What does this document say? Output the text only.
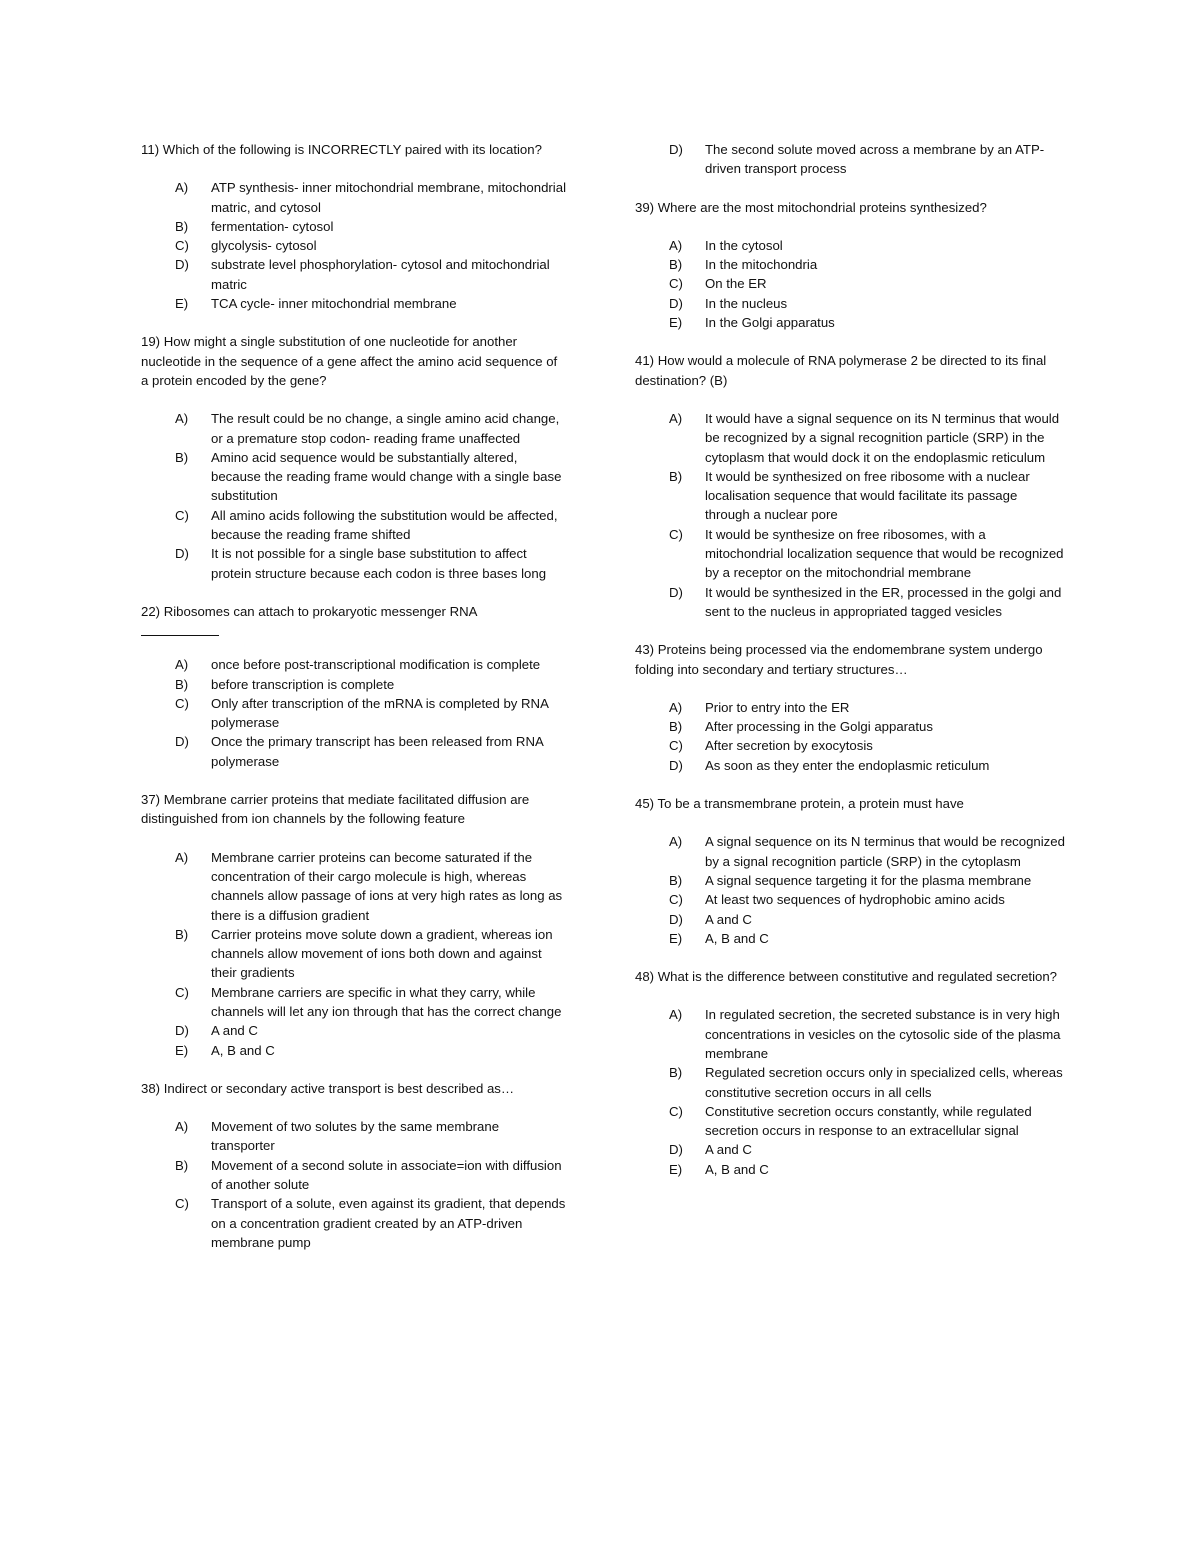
11) Which of the following is INCORRECTLY paired with its location?
A)	ATP synthesis- inner mitochondrial membrane, mitochondrial matric, and cytosol
B)	fermentation- cytosol
C)	glycolysis- cytosol
D)	substrate level phosphorylation- cytosol and mitochondrial matric
E)	TCA cycle- inner mitochondrial membrane
19) How might a single substitution of one nucleotide for another nucleotide in the sequence of a gene affect the amino acid sequence of a protein encoded by the gene?
A)	The result could be no change, a single amino acid change, or a premature stop codon- reading frame unaffected
B)	Amino acid sequence would be substantially altered, because the reading frame would change with a single base substitution
C)	All amino acids following the substitution would be affected, because the reading frame shifted
D)	It is not possible for a single base substitution to affect protein structure because each codon is three bases long
22) Ribosomes can attach to prokaryotic messenger RNA
A)	once before post-transcriptional modification is complete
B)	before transcription is complete
C)	Only after transcription of the mRNA is completed by RNA polymerase
D)	Once the primary transcript has been released from RNA polymerase
37) Membrane carrier proteins that mediate facilitated diffusion are distinguished from ion channels by the following feature
A)	Membrane carrier proteins can become saturated if the concentration of their cargo molecule is high, whereas channels allow passage of ions at very high rates as long as there is a diffusion gradient
B)	Carrier proteins move solute down a gradient, whereas ion channels allow movement of ions both down and against their gradients
C)	Membrane carriers are specific in what they carry, while channels will let any ion through that has the correct change
D)	A and C
E)	A, B and C
38) Indirect or secondary active transport is best described as…
A)	Movement of two solutes by the same membrane transporter
B)	Movement of a second solute in associate=ion with diffusion of another solute
C)	Transport of a solute, even against its gradient, that depends on a concentration gradient created by an ATP-driven membrane pump
D)	The second solute moved across a membrane by an ATP-driven transport process
39) Where are the most mitochondrial proteins synthesized?
A)	In the cytosol
B)	In the mitochondria
C)	On the ER
D)	In the nucleus
E)	In the Golgi apparatus
41) How would a molecule of RNA polymerase 2 be directed to its final destination? (B)
A)	It would have a signal sequence on its N terminus that would be recognized by a signal recognition particle (SRP) in the cytoplasm that would dock it on the endoplasmic reticulum
B)	It would be synthesized on free ribosome with a nuclear localisation sequence that would facilitate its passage through a nuclear pore
C)	It would be synthesize on free ribosomes, with a mitochondrial localization sequence that would be recognized by a receptor on the mitochondrial membrane
D)	It would be synthesized in the ER, processed in the golgi and sent to the nucleus in appropriated tagged vesicles
43) Proteins being processed via the endomembrane system undergo folding into secondary and tertiary structures…
A)	Prior to entry into the ER
B)	After processing in the Golgi apparatus
C)	After secretion by exocytosis
D)	As soon as they enter the endoplasmic reticulum
45) To be a transmembrane protein, a protein must have
A)	A signal sequence on its N terminus that would be recognized by a signal recognition particle (SRP) in the cytoplasm
B)	A signal sequence targeting it for the plasma membrane
C)	At least two sequences of hydrophobic amino acids
D)	A and C
E)	A, B and C
48) What is the difference between constitutive and regulated secretion?
A)	In regulated secretion, the secreted substance is in very high concentrations in vesicles on the cytosolic side of the plasma membrane
B)	Regulated secretion occurs only in specialized cells, whereas constitutive secretion occurs in all cells
C)	Constitutive secretion occurs constantly, while regulated secretion occurs in response to an extracellular signal
D)	A and C
E)	A, B and C
